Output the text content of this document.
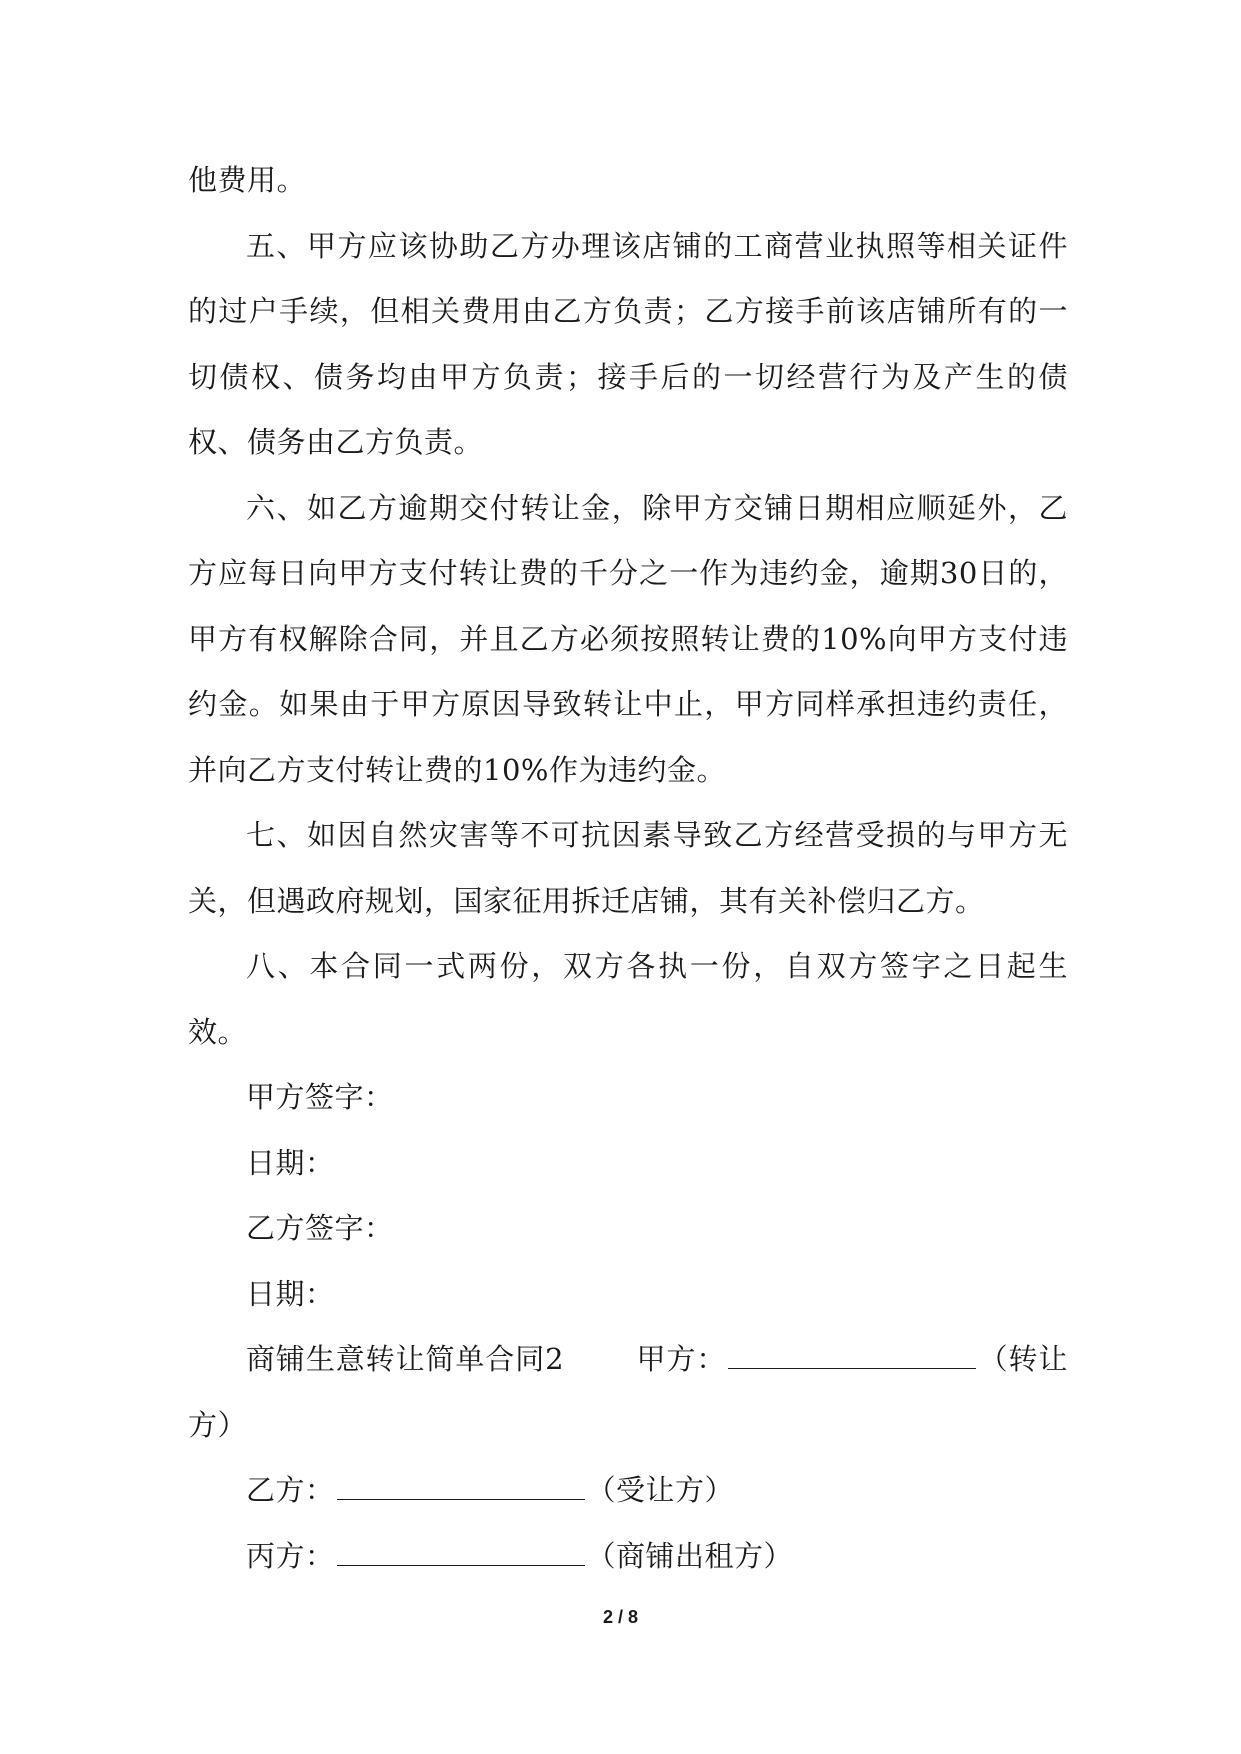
他费用。

五、甲方应该协助乙方办理该店铺的工商营业执照等相关证件的过户手续，但相关费用由乙方负责；乙方接手前该店铺所有的一切债权、债务均由甲方负责；接手后的一切经营行为及产生的债权、债务由乙方负责。

六、如乙方逾期交付转让金，除甲方交铺日期相应顺延外，乙方应每日向甲方支付转让费的千分之一作为违约金，逾期30日的，甲方有权解除合同，并且乙方必须按照转让费的10%向甲方支付违约金。如果由于甲方原因导致转让中止，甲方同样承担违约责任，并向乙方支付转让费的10%作为违约金。

七、如因自然灾害等不可抗因素导致乙方经营受损的与甲方无关，但遇政府规划，国家征用拆迁店铺，其有关补偿归乙方。

八、本合同一式两份，双方各执一份，自双方签字之日起生效。

甲方签字：

日期：

乙方签字：

日期：

商铺生意转让简单合同2 甲方：	（转让方）

乙方：	（受让方）

丙方：	（商铺出租方）

2 / 8
